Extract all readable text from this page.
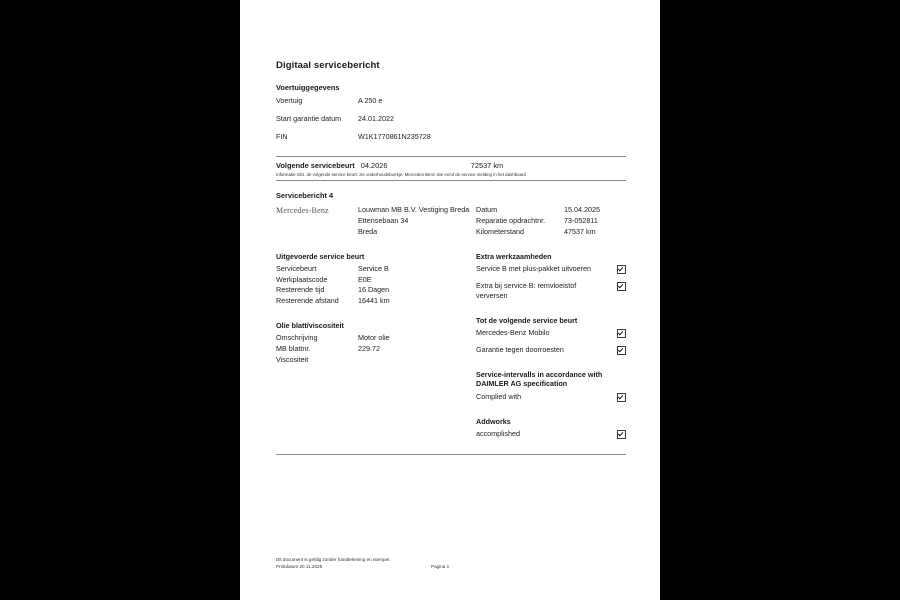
Digitaal servicebericht
Voertuiggegevens
Voertuig	A 250 e
Start garantie datum	24.01.2022
FIN	W1K1770861N235728
Volgende servicebeurt 04.2026	72537 km
Informatie mbt. de volgende service beurt: zie onderhoudsboekje, Mercedes Benz site en/of de service melding in het dashboard
Servicebericht 4
Mercedes-Benz	Louwman MB B.V. Vestiging Breda
Ettensebaan 34
Breda
Datum	15.04.2025
Reparatie opdrachtnr.	73-052811
Kilometerstand	47537 km
Uitgevoerde service beurt
Servicebeurt	Service B
Werkplaatscode	E0E
Resterende tijd	16 Dagen
Resterende afstand	16441 km
Olie blatt/viscositeit
Omschrijving	Motor olie
MB blattnr.	229.72
Viscositeit
Extra werkzaamheden
Service B met plus-pakket uitvoeren
Extra bij service B: remvloeistof verversen
Tot de volgende service beurt
Mercedes-Benz Mobilo
Garantie tegen doorroesten
Service-intervalls in accordance with DAIMLER AG specification
Complied with
Addworks
accomplished
Dit document is geldig zonder handtekening en stempel.
Printdatum 20.11.2025	Pagina 1
